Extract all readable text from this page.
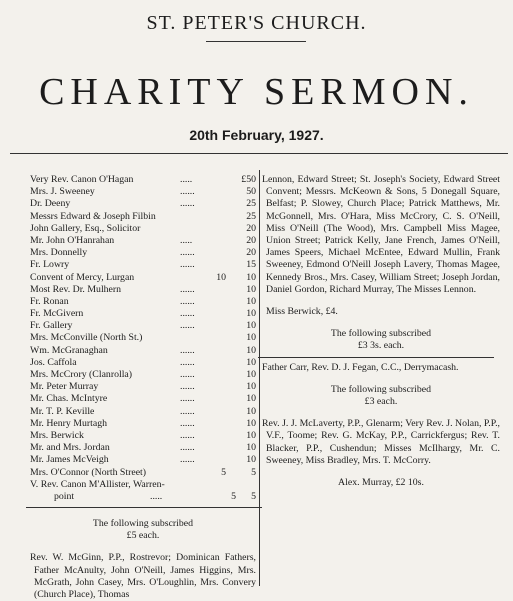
ST. PETER'S CHURCH.
CHARITY SERMON.
20th February, 1927.
Very Rev. Canon O'Hagan	.....	£50
Mrs. J. Sweeney	......	50
Dr. Deeny	......	25
Messrs Edward & Joseph Filbin	25
John Gallery, Esq., Solicitor	20
Mr. John O'Hanrahan	.....	20
Mrs. Donnelly	......	20
Fr. Lowry	......	15
Convent of Mercy, Lurgan	10 10
Most Rev. Dr. Mulhern	......	10
Fr. Ronan	......	10
Fr. McGivern	......	10
Fr. Gallery	......	10
Mrs. McConville (North St.)	10
Wm. McGranaghan	......	10
Jos. Caffola	......	10
Mrs. McCrory (Clanrolla)	......	10
Mr. Peter Murray	......	10
Mr. Chas. McIntyre	......	10
Mr. T. P. Keville	......	10
Mr. Henry Murtagh	......	10
Mrs. Berwick	......	10
Mr. and Mrs. Jordan	......	10
Mr. James McVeigh	......	10
Mrs. O'Connor (North Street)	5	5
V. Rev. Canon M'Allister, Warren-
point	.....	5 5
The following subscribed
£5 each.
Rev. W. McGinn, P.P., Rostrevor; Dominican Fathers, Father McAnulty, John O'Neill, James Higgins, Mrs. McGrath, John Casey, Mrs. O'Loughlin, Mrs. Convery (Church Place), Thomas
Lennon, Edward Street; St. Joseph's Society, Edward Street Convent; Messrs. McKeown & Sons, 5 Donegall Square, Belfast; P. Slowey, Church Place; Patrick Matthews, Mr. McGonnell, Mrs. O'Hara, Miss McCrory, C. S. O'Neill, Miss O'Neill (The Wood), Mrs. Campbell Miss Magee, Union Street; Patrick Kelly, Jane French, James O'Neill, James Speers, Michael McEntee, Edward Mullin, Frank Sweeney, Edmond O'Neill Joseph Lavery, Thomas Magee, Kennedy Bros., Mrs. Casey, William Street; Joseph Jordan, Daniel Gordon, Richard Murray, The Misses Lennon.
Miss Berwick, £4.
The following subscribed
£3 3s. each.
Father Carr, Rev. D. J. Fegan, C.C., Derrymacash.
The following subscribed
£3 each.
Rev. J. J. McLaverty, P.P., Glenarm; Very Rev. J. Nolan, P.P., V.F., Toome; Rev. G. McKay, P.P., Carrickfergus; Rev. T. Blacker, P.P., Cushendun; Misses McIlhargy, Mr. C. Sweeney, Miss Bradley, Mrs. T. McCorry.
Alex. Murray, £2 10s.
